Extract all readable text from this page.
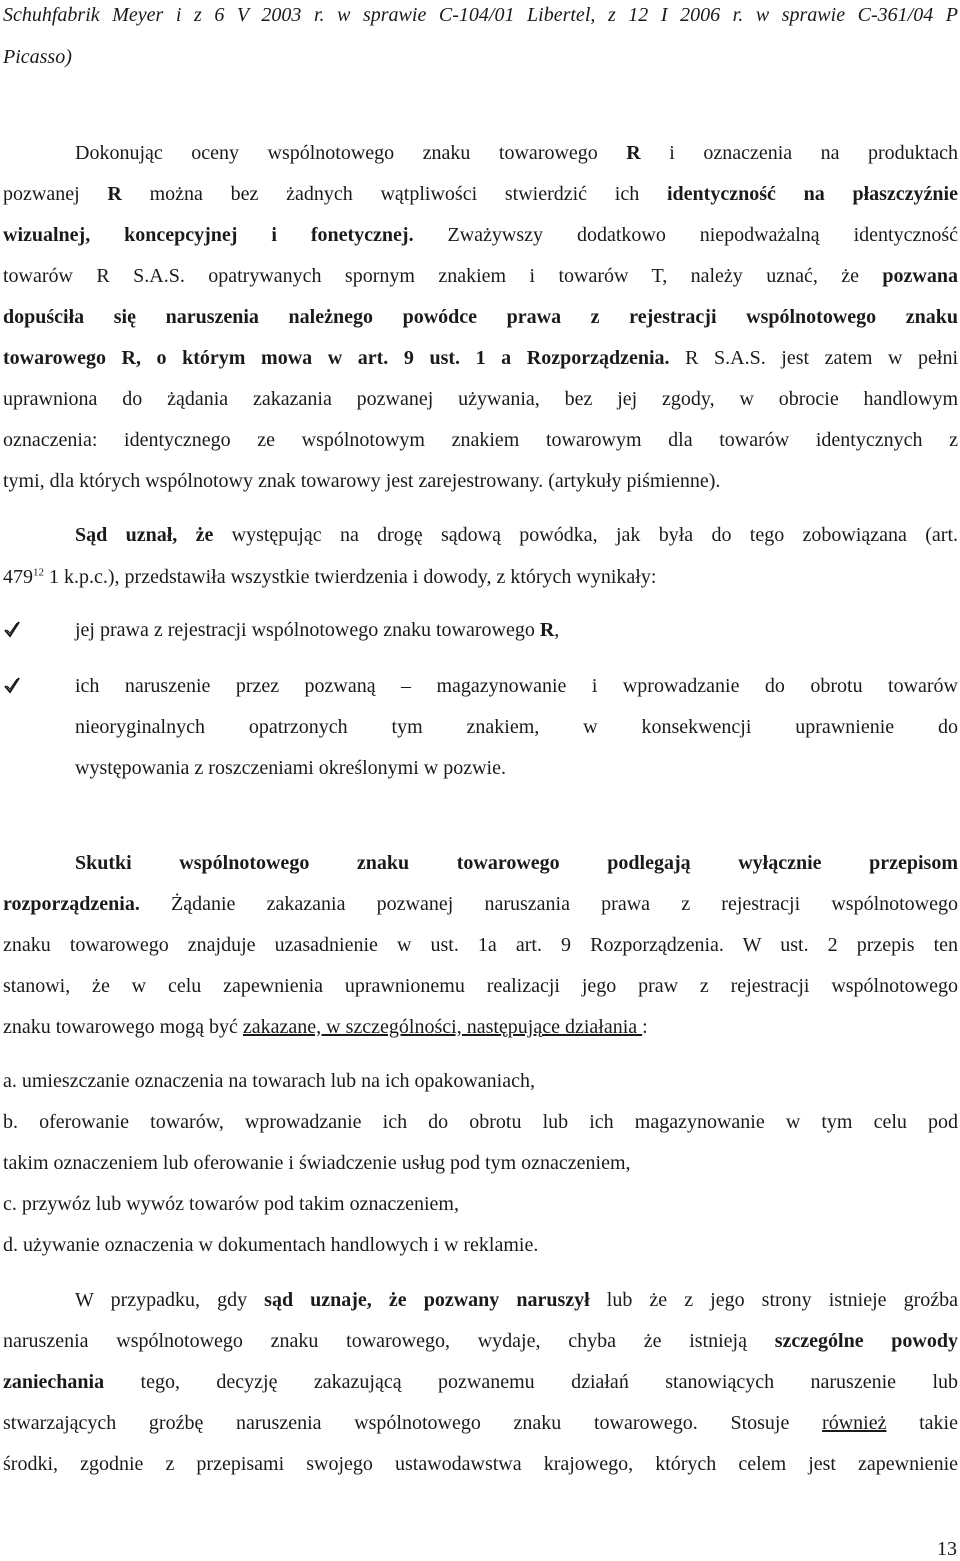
Schuhfabrik Meyer i z 6 V 2003 r. w sprawie C-104/01 Libertel, z 12 I 2006 r. w sprawie C-361/04 P
Picasso)
Dokonując oceny wspólnotowego znaku towarowego R i oznaczenia na produktach
pozwanej R można bez żadnych wątpliwości stwierdzić ich identyczność na płaszczyźnie
wizualnej, koncepcyjnej i fonetycznej. Zważywszy dodatkowo niepodważalną identyczność
towarów R S.A.S. opatrywanych spornym znakiem i towarów T, należy uznać, że pozwana
dopuściła się naruszenia należnego powódce prawa z rejestracji wspólnotowego znaku
towarowego R, o którym mowa w art. 9 ust. 1 a Rozporządzenia. R S.A.S. jest zatem w pełni
uprawniona do żądania zakazania pozwanej używania, bez jej zgody, w obrocie handlowym
oznaczenia: identycznego ze wspólnotowym znakiem towarowym dla towarów identycznych z
tymi, dla których wspólnotowy znak towarowy jest zarejestrowany. (artykuły piśmienne).
Sąd uznał, że występując na drogę sądową powódka, jak była do tego zobowiązana (art.
479$^{12}$ 1 k.p.c.), przedstawiła wszystkie twierdzenia i dowody, z których wynikały:
jej prawa z rejestracji wspólnotowego znaku towarowego R,
ich naruszenie przez pozwaną – magazynowanie i wprowadzanie do obrotu towarów
nieoryginalnych opatrzonych tym znakiem, w konsekwencji uprawnienie do
występowania z roszczeniami określonymi w pozwie.
Skutki wspólnotowego znaku towarowego podlegają wyłącznie przepisom
rozporządzenia. Żądanie zakazania pozwanej naruszania prawa z rejestracji wspólnotowego
znaku towarowego znajduje uzasadnienie w ust. 1a art. 9 Rozporządzenia. W ust. 2 przepis ten
stanowi, że w celu zapewnienia uprawnionemu realizacji jego praw z rejestracji wspólnotowego
znaku towarowego mogą być zakazane, w szczególności, następujące działania :
a. umieszczanie oznaczenia na towarach lub na ich opakowaniach,
b. oferowanie towarów, wprowadzanie ich do obrotu lub ich magazynowanie w tym celu pod
takim oznaczeniem lub oferowanie i świadczenie usług pod tym oznaczeniem,
c. przywóz lub wywóz towarów pod takim oznaczeniem,
d. używanie oznaczenia w dokumentach handlowych i w reklamie.
W przypadku, gdy sąd uznaje, że pozwany naruszył lub że z jego strony istnieje groźba
naruszenia wspólnotowego znaku towarowego, wydaje, chyba że istnieją szczególne powody
zaniechania tego, decyzję zakazującą pozwanemu działań stanowiących naruszenie lub
stwarzających groźbę naruszenia wspólnotowego znaku towarowego. Stosuje również takie
środki, zgodnie z przepisami swojego ustawodawstwa krajowego, których celem jest zapewnienie
13
